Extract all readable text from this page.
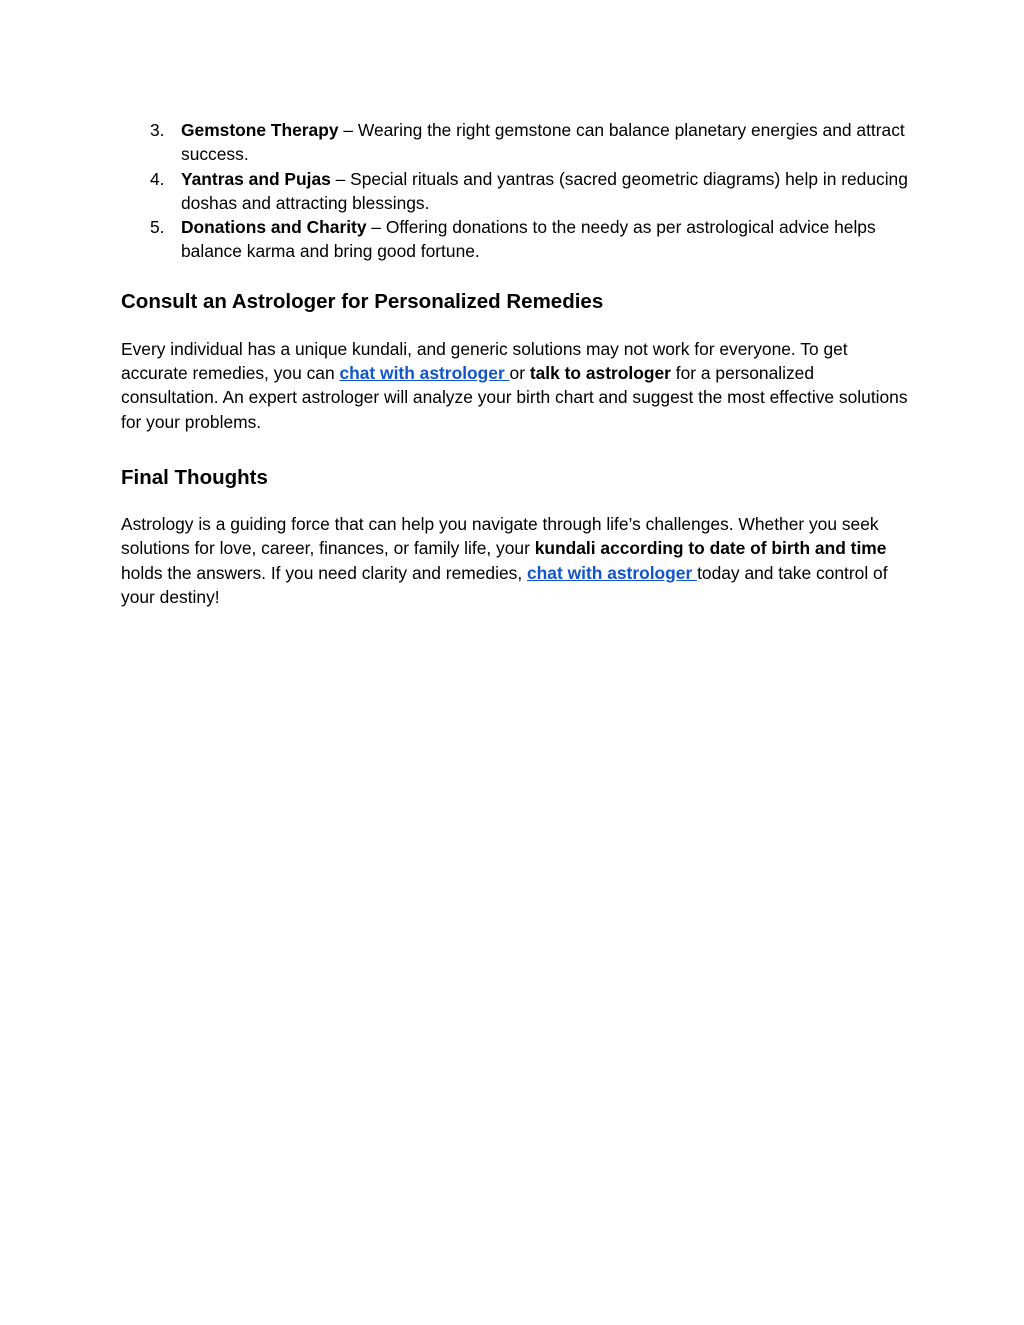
3. Gemstone Therapy – Wearing the right gemstone can balance planetary energies and attract success.
4. Yantras and Pujas – Special rituals and yantras (sacred geometric diagrams) help in reducing doshas and attracting blessings.
5. Donations and Charity – Offering donations to the needy as per astrological advice helps balance karma and bring good fortune.
Consult an Astrologer for Personalized Remedies

Every individual has a unique kundali, and generic solutions may not work for everyone. To get accurate remedies, you can chat with astrologer or talk to astrologer for a personalized consultation. An expert astrologer will analyze your birth chart and suggest the most effective solutions for your problems.

Final Thoughts

Astrology is a guiding force that can help you navigate through life’s challenges. Whether you seek solutions for love, career, finances, or family life, your kundali according to date of birth and time holds the answers. If you need clarity and remedies, chat with astrologer today and take control of your destiny!
